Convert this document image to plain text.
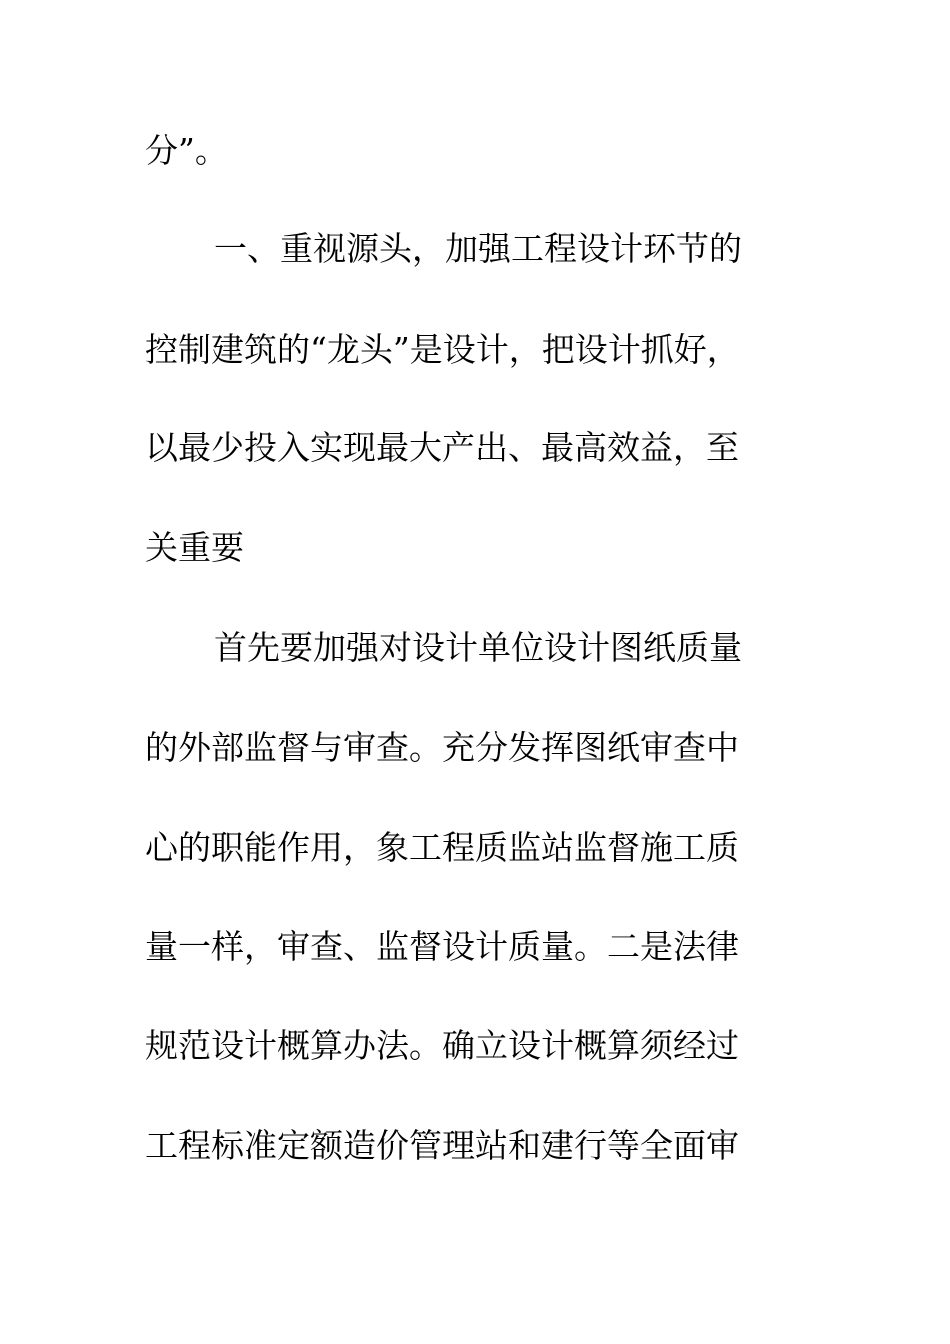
分”。
一、重视源头，加强工程设计环节的
控制建筑的“龙头”是设计，把设计抓好，
以最少投入实现最大产出、最高效益，至
关重要
首先要加强对设计单位设计图纸质量
的外部监督与审查。充分发挥图纸审查中
心的职能作用，象工程质监站监督施工质
量一样，审查、监督设计质量。二是法律
规范设计概算办法。确立设计概算须经过
工程标准定额造价管理站和建行等全面审
